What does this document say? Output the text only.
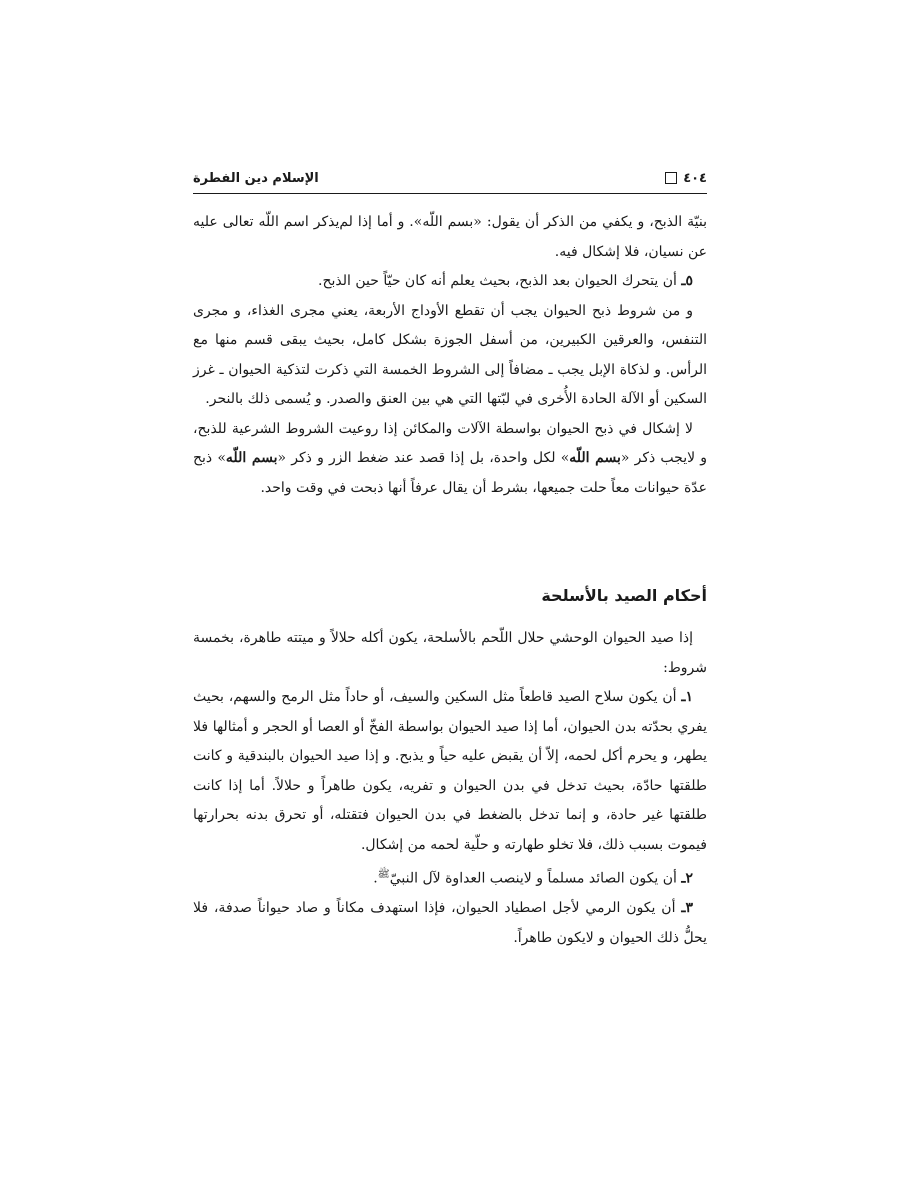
٤٠٤
الإسلام دين الفطرة

بنيّة الذبح، و يكفي من الذكر أن يقول: «بسم اللّه». و أما إذا لم‌يذكر اسم اللّه تعالى عليه عن نسيان، فلا إشكال فيه.

٥ـ أن يتحرك الحيوان بعد الذبح، بحيث يعلم أنه كان حيّاً حين الذبح.

و من شروط ذبح الحيوان يجب أن تقطع الأوداج الأربعة، يعني مجرى الغذاء، و مجرى التنفس، والعرقين الكبيرين، من أسفل الجوزة بشكل كامل، بحيث يبقى قسم منها مع الرأس. و لذكاة الإبل يجب ـ مضافاً إلى الشروط الخمسة التي ذكرت لتذكية الحيوان ـ غرز السكين أو الآلة الحادة الأُخرى في لبّتها التي هي بين العنق والصدر. و يُسمى ذلك بالنحر.

لا إشكال في ذبح الحيوان بواسطة الآلات والمكائن إذا روعيت الشروط الشرعية للذبح، و لايجب ذكر «بسم اللّه» لكل واحدة، بل إذا قصد عند ضغط الزر و ذكر «بسم اللّه» ذبح عدّة حيوانات معاً حلت جميعها، بشرط أن يقال عرفاً أنها ذبحت في وقت واحد.

أحكام الصيد بالأسلحة

إذا صيد الحيوان الوحشي حلال اللّحم بالأسلحة، يكون أكله حلالاً و ميتته طاهرة، بخمسة شروط:

١ـ أن يكون سلاح الصيد قاطعاً مثل السكين والسيف، أو حاداً مثل الرمح والسهم، بحيث يفري بحدّته بدن الحيوان، أما إذا صيد الحيوان بواسطة الفخّ أو العصا أو الحجر و أمثالها فلا يطهر، و يحرم أكل لحمه، إلاّ أن يقبض عليه حياً و يذبح. و إذا صيد الحيوان بالبندقية و كانت طلقتها حادّة، بحيث تدخل في بدن الحيوان و تفريه، يكون طاهراً و حلالاً. أما إذا كانت طلقتها غير حادة، و إنما تدخل بالضغط في بدن الحيوان فتقتله، أو تحرق بدنه بحرارتها فيموت بسبب ذلك، فلا تخلو طهارته و حلّية لحمه من إشكال.

٢ـ أن يكون الصائد مسلماً و لاينصب العداوة لآل النبيّ$^ﷺ$.

٣ـ أن يكون الرمي لأجل اصطياد الحيوان، فإذا استهدف مكاناً و صاد حيواناً صدفة، فلا يحلُّ ذلك الحيوان و لايكون طاهراً.
